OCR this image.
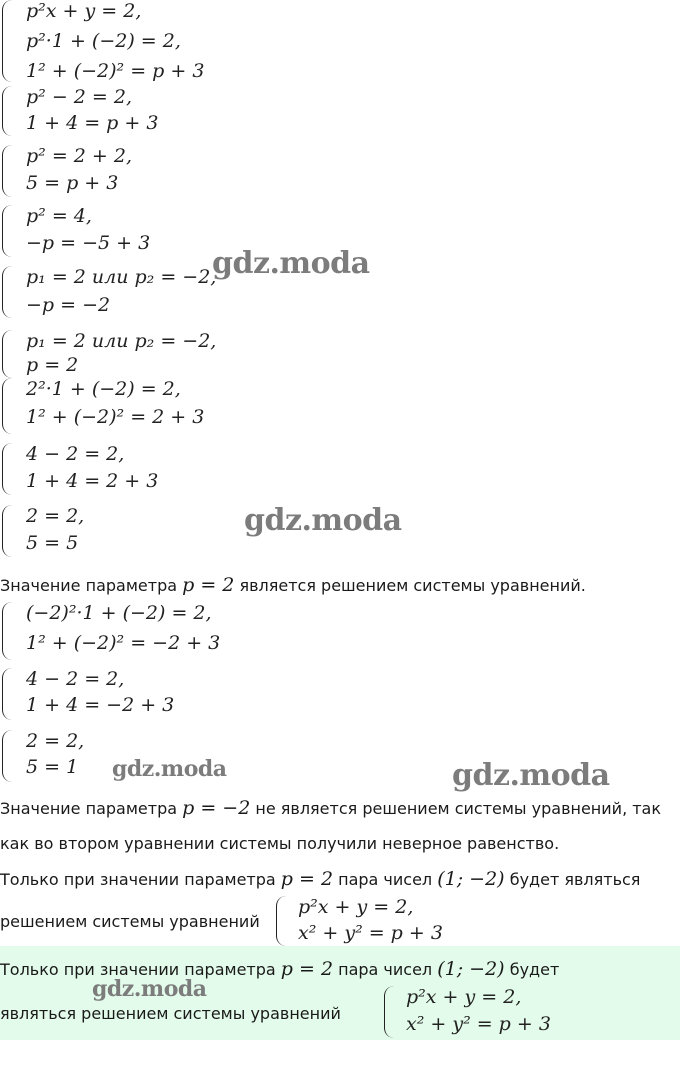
p²x + y = 2,
p²·1 + (−2) = 2,
1² + (−2)² = p + 3
p² − 2 = 2,
1 + 4 = p + 3
p² = 2 + 2,
5 = p + 3
p² = 4,
−p = −5 + 3
p₁ = 2 или p₂ = −2,
−p = −2
p₁ = 2 или p₂ = −2,
p = 2
2²·1 + (−2) = 2,
1² + (−2)² = 2 + 3
4 − 2 = 2,
1 + 4 = 2 + 3
2 = 2,
5 = 5
Значение параметра p = 2 является решением системы уравнений.
(−2)²·1 + (−2) = 2,
1² + (−2)² = −2 + 3
4 − 2 = 2,
1 + 4 = −2 + 3
2 = 2,
5 = 1
Значение параметра p = −2 не является решением системы уравнений, так
как во втором уравнении системы получили неверное равенство.
Только при значении параметра p = 2 пара чисел (1; −2) будет являться
решением системы уравнений
p²x + y = 2,
x² + y² = p + 3
Только при значении параметра p = 2 пара чисел (1; −2) будет
являться решением системы уравнений
p²x + y = 2,
x² + y² = p + 3
gdz.moda
gdz.moda
gdz.moda	gdz.moda
gdz.moda
